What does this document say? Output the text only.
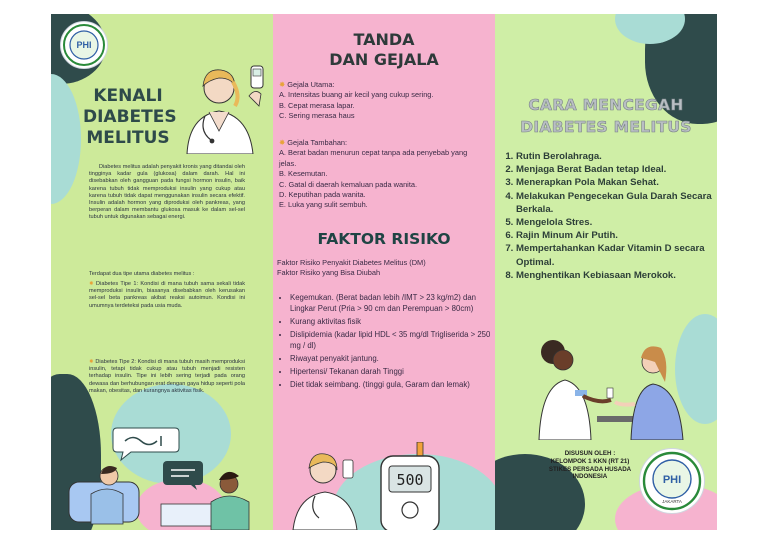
PHI
KENALI
DIABETES
MELITUS
Diabetes melitus adalah penyakit kronis yang ditandai oleh tingginya kadar gula (glukosa) dalam darah. Hal ini disebabkan oleh gangguan pada fungsi hormon insulin, baik karena tubuh tidak memproduksi insulin yang cukup atau karena tubuh tidak dapat menggunakan insulin secara efektif. Insulin adalah hormon yang diproduksi oleh pankreas, yang berperan dalam membantu glukosa masuk ke dalam sel-sel tubuh untuk digunakan sebagai energi.
Terdapat dua tipe utama diabetes melitus :
✸ Diabetes Tipe 1: Kondisi di mana tubuh sama sekali tidak memproduksi insulin, biasanya disebabkan oleh kerusakan sel-sel beta pankreas akibat reaksi autoimun. Kondisi ini umumnya terdeteksi pada usia muda.
✸ Diabetes Tipe 2: Kondisi di mana tubuh masih memproduksi insulin, tetapi tidak cukup atau tubuh menjadi resisten terhadap insulin. Tipe ini lebih sering terjadi pada orang dewasa dan berhubungan erat dengan gaya hidup seperti pola makan, obesitas, dan kurangnya aktivitas fisik.
TANDA
DAN GEJALA
✸ Gejala Utama:
A. Intensitas buang air kecil yang cukup sering.
B. Cepat merasa lapar.
C. Sering merasa haus
✸ Gejala Tambahan:
A. Berat badan menurun cepat tanpa ada penyebab yang jelas.
B. Kesemutan.
C. Gatal di daerah kemaluan pada wanita.
D. Keputihan pada wanita.
E. Luka yang sulit sembuh.
FAKTOR RISIKO
Faktor Risiko Penyakit Diabetes Melitus (DM)
Faktor Risiko yang Bisa Diubah
• Kegemukan. (Berat badan lebih /IMT > 23 kg/m2) dan Lingkar Perut (Pria > 90 cm dan Perempuan > 80cm)
• Kurang aktivitas fisik
• Dislipidemia (kadar lipid HDL < 35 mg/dl Trigliserida > 250 mg / dl)
• Riwayat penyakit jantung.
• Hipertensi/ Tekanan darah Tinggi
• Diet tidak seimbang. (tinggi gula, Garam dan lemak)
500
CARA MENCEGAH
DIABETES MELITUS
1. Rutin Berolahraga.
2. Menjaga Berat Badan tetap Ideal.
3. Menerapkan Pola Makan Sehat.
4. Melakukan Pengecekan Gula Darah Secara Berkala.
5. Mengelola Stres.
6. Rajin Minum Air Putih.
7. Mempertahankan Kadar Vitamin D secara Optimal.
8. Menghentikan Kebiasaan Merokok.
DISUSUN OLEH :
KELOMPOK 1 KKN (RT 21)
STIKES PERSADA HUSADA
INDONESIA	PHI
JAKARTA
